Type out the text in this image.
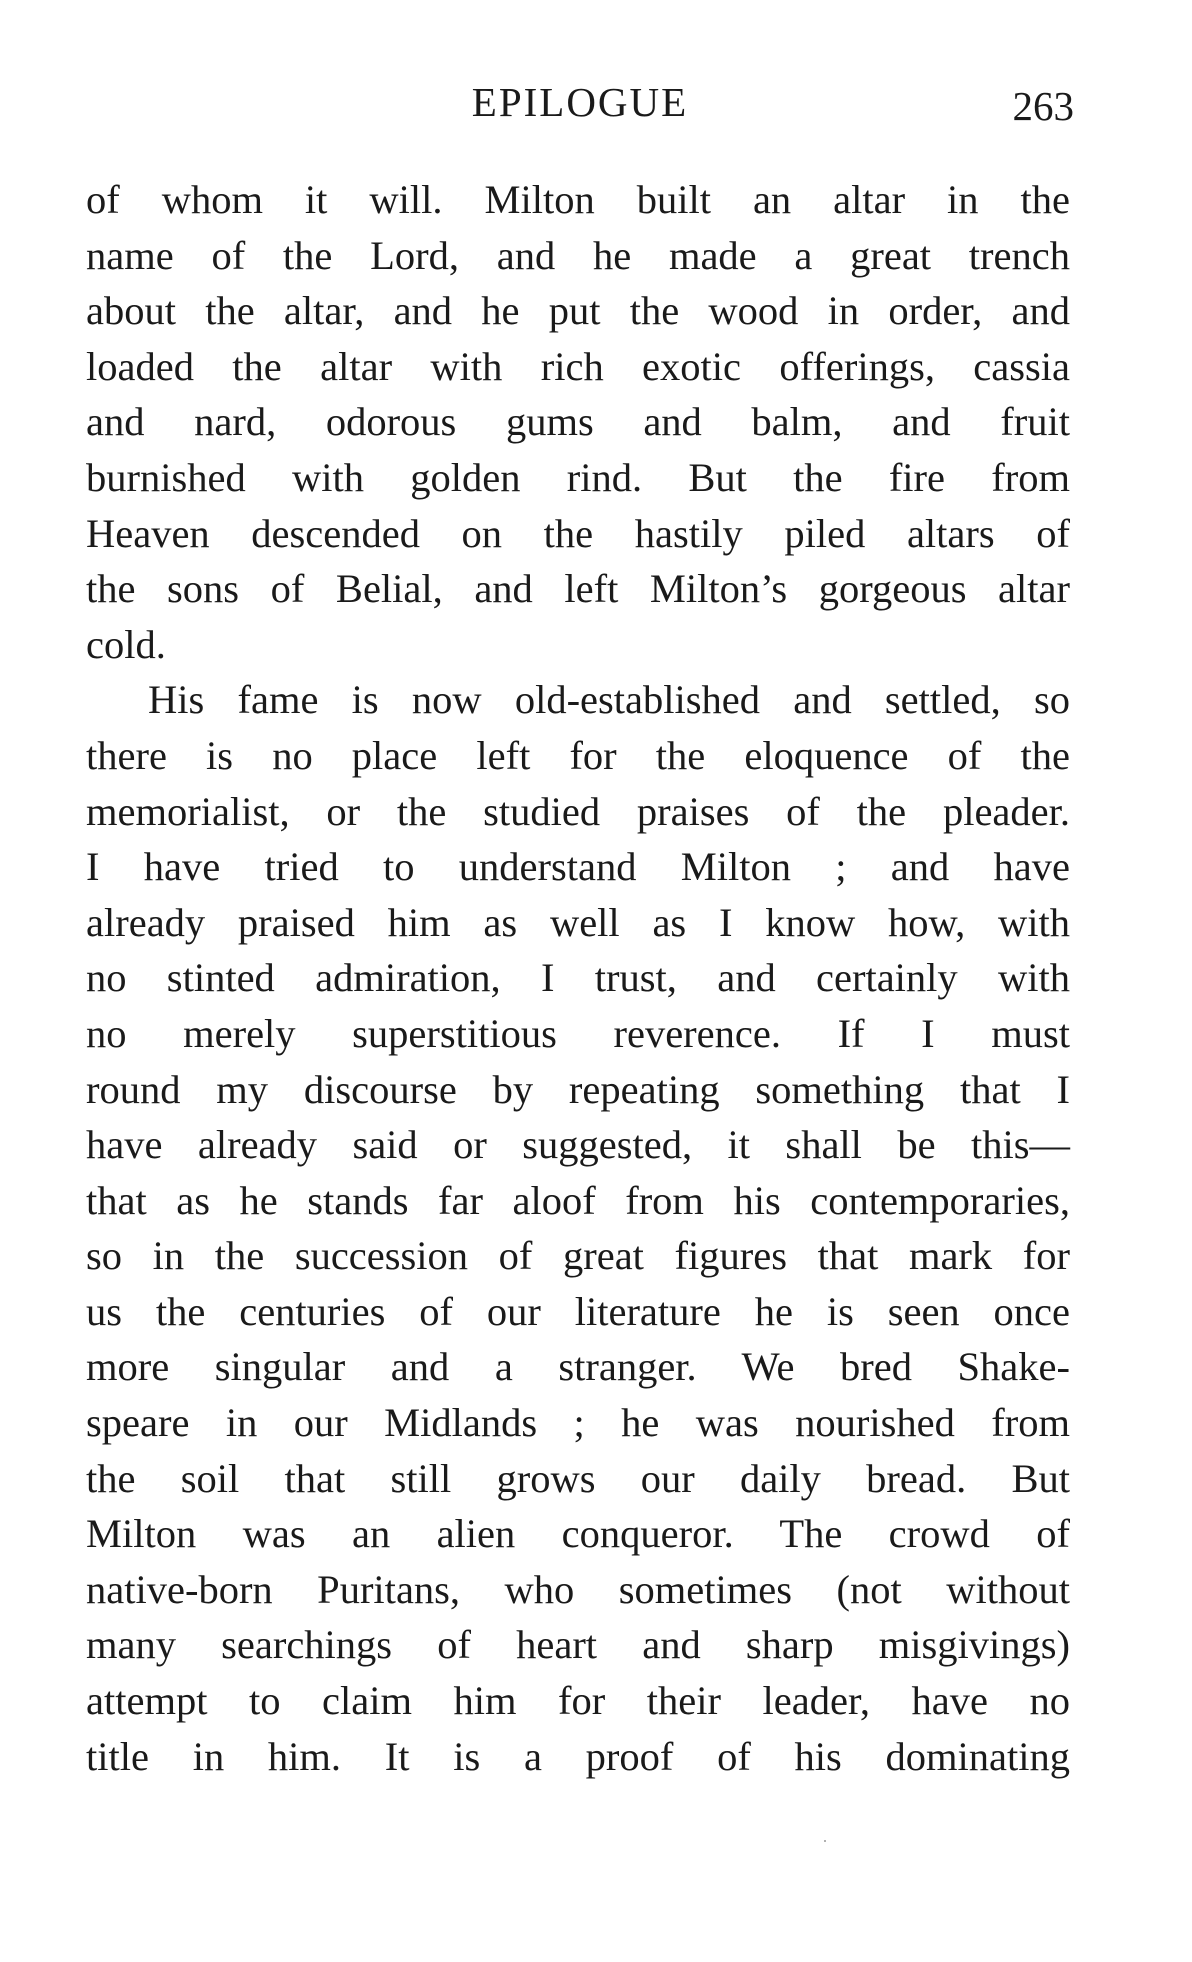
EPILOGUE	263
of whom it will. Milton built an altar in the
name of the Lord, and he made a great trench
about the altar, and he put the wood in order, and
loaded the altar with rich exotic offerings, cassia
and nard, odorous gums and balm, and fruit
burnished with golden rind. But the fire from
Heaven descended on the hastily piled altars of
the sons of Belial, and left Milton’s gorgeous altar
cold.
His fame is now old-established and settled, so
there is no place left for the eloquence of the
memorialist, or the studied praises of the pleader.
I have tried to understand Milton ; and have
already praised him as well as I know how, with
no stinted admiration, I trust, and certainly with
no merely superstitious reverence. If I must
round my discourse by repeating something that I
have already said or suggested, it shall be this—
that as he stands far aloof from his contemporaries,
so in the succession of great figures that mark for
us the centuries of our literature he is seen once
more singular and a stranger. We bred Shake-
speare in our Midlands ; he was nourished from
the soil that still grows our daily bread. But
Milton was an alien conqueror. The crowd of
native-born Puritans, who sometimes (not without
many searchings of heart and sharp misgivings)
attempt to claim him for their leader, have no
title in him. It is a proof of his dominating
